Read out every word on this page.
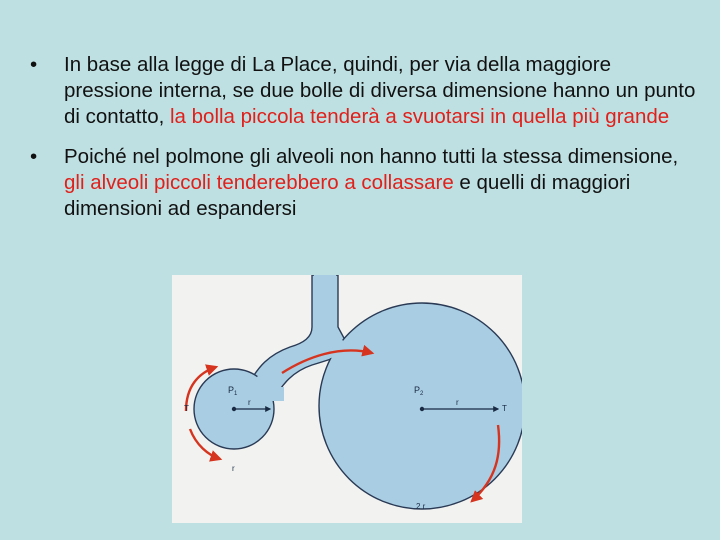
• In base alla legge di La Place, quindi, per via della maggiore pressione interna, se due bolle di diversa dimensione hanno un punto di contatto, la bolla piccola tenderà a svuotarsi in quella più grande
• Poiché nel polmone gli alveoli non hanno tutti la stessa dimensione, gli alveoli piccoli tenderebbero a collassare e quelli di maggiori dimensioni ad espandersi
$P_1$	$P_2$
r	r
T	T
r
2 r
